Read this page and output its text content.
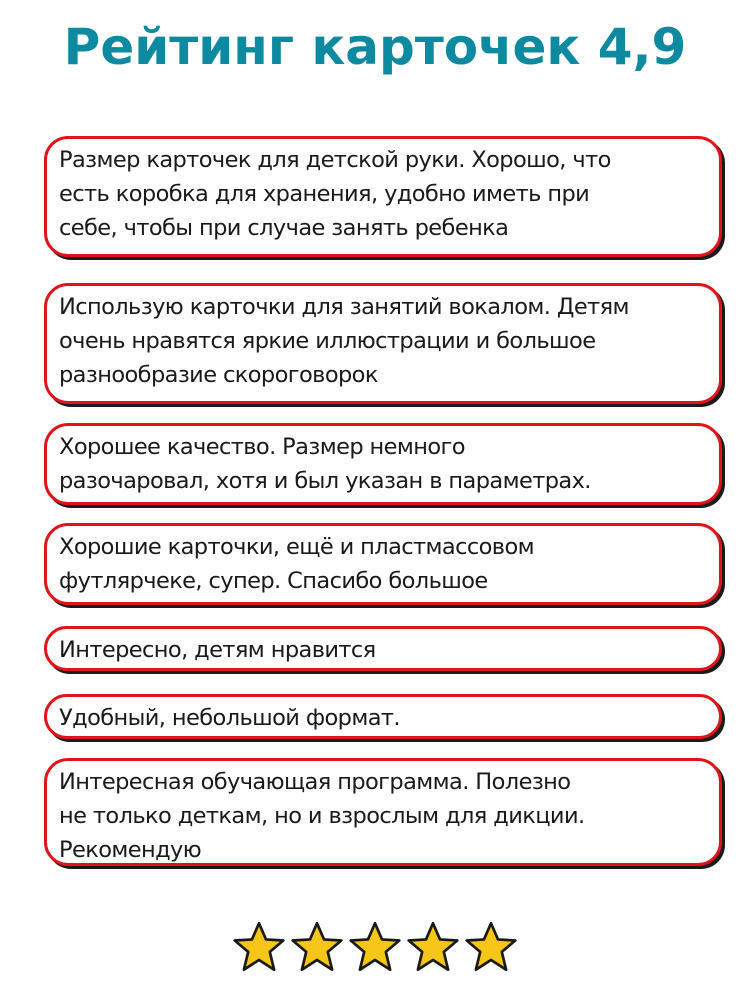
Рейтинг карточек 4,9
Размер карточек для детской руки. Хорошо, что
есть коробка для хранения, удобно иметь при
себе, чтобы при случае занять ребенка
Использую карточки для занятий вокалом. Детям
очень нравятся яркие иллюстрации и большое
разнообразие скороговорок
Хорошее качество. Размер немного
разочаровал, хотя и был указан в параметрах.
Хорошие карточки, ещё и пластмассовом
футлярчеке, супер. Спасибо большое
Интересно, детям нравится
Удобный, небольшой формат.
Интересная обучающая программа. Полезно
не только деткам, но и взрослым для дикции.
Рекомендую
